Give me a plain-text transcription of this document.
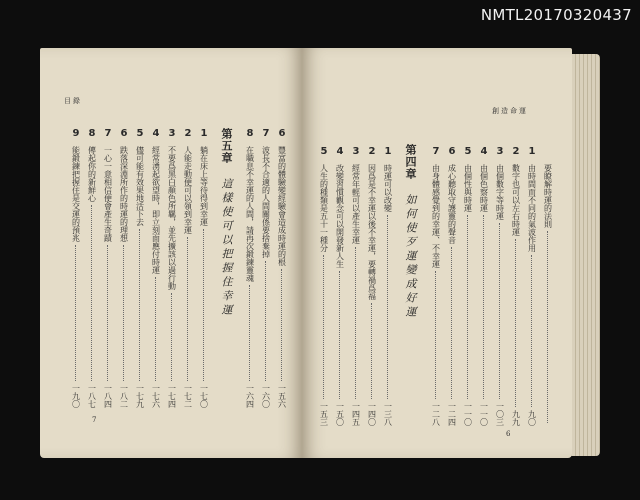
NMTL20170320437
目錄
7
9
能鍛鍊把握住是交運的預兆
一九〇
8
傳起你的新鮮心
一八七
7
一心一意相信便會產生奇蹟
一八四
6
跌落深淵所作的時運的理想
一八二
5
儘可能有效果地活下去
一七九
4
經常湧起欲望時，即立刻面應付時運
一七六
3
不要爲黑白顏色所羈，並先擴該以過行動
一七四
2
人能走動便可以領到幸運
一七二
1
躺在床上等待得到幸運
一七〇
第五章
這樣使可以把握住幸運
8
在職息不幸運的人間，請再次鍛鍊靈魂
一六四
7
波長不合適的人間關係要捨棄掉
一六〇
6
豐富的體驗變經驗會造成時運的根
一五六
創造命運
6
5
人生的種類是五十一種分
一五三
4
改變習慣觀念可以開發新人生
一五〇
3
經常年輕可以產生幸運
一四五
2
因爲是不幸運以後不幸運，要轉禍爲福
一四〇
1
時運可以改變
一三八
第四章
如何使歹運變成好運
7
由身體感覺到的幸運、不幸運
一二八
6
成心聽取守護靈的聲音
一二四
5
由個性與時運
一一〇
4
由個色察時運
一一〇
3
由個數字等時運
一〇三
2
數字也可以左右時運
九九
1
由時間而不同的氣波作用
九〇
要瞭解時運的法則
